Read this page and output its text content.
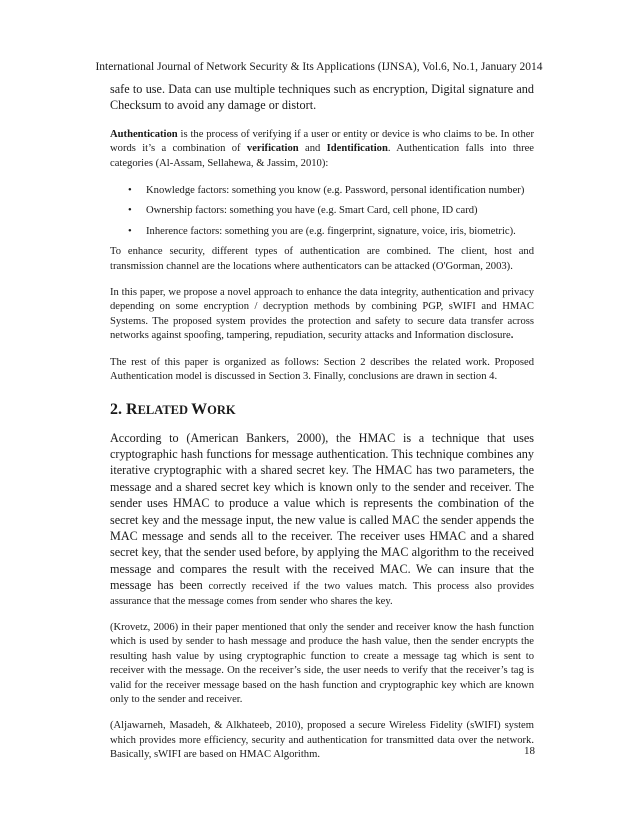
International Journal of Network Security & Its Applications (IJNSA), Vol.6, No.1, January 2014

safe to use. Data can use multiple techniques such as encryption, Digital signature and Checksum to avoid any damage or distort.

Authentication is the process of verifying if a user or entity or device is who claims to be. In other words it’s a combination of verification and Identification. Authentication falls into three categories (Al-Assam, Sellahewa, & Jassim, 2010):

• Knowledge factors: something you know (e.g. Password, personal identification number)
• Ownership factors: something you have (e.g. Smart Card, cell phone, ID card)
• Inherence factors: something you are (e.g. fingerprint, signature, voice, iris, biometric).

To enhance security, different types of authentication are combined. The client, host and transmission channel are the locations where authenticators can be attacked (O'Gorman, 2003).

In this paper, we propose a novel approach to enhance the data integrity, authentication and privacy depending on some encryption / decryption methods by combining PGP, sWIFI and HMAC Systems. The proposed system provides the protection and safety to secure data transfer across networks against spoofing, tampering, repudiation, security attacks and Information disclosure.

The rest of this paper is organized as follows: Section 2 describes the related work. Proposed Authentication model is discussed in Section 3. Finally, conclusions are drawn in section 4.

2. RELATED WORK

According to (American Bankers, 2000), the HMAC is a technique that uses cryptographic hash functions for message authentication. This technique combines any iterative cryptographic with a shared secret key. The HMAC has two parameters, the message and a shared secret key which is known only to the sender and receiver. The sender uses HMAC to produce a value which is represents the combination of the secret key and the message input, the new value is called MAC the sender appends the MAC message and sends all to the receiver. The receiver uses HMAC and a shared secret key, that the sender used before, by applying the MAC algorithm to the received message and compares the result with the received MAC. We can insure that the message has been correctly received if the two values match. This process also provides assurance that the message comes from sender who shares the key.

(Krovetz, 2006) in their paper mentioned that only the sender and receiver know the hash function which is used by sender to hash message and produce the hash value, then the sender encrypts the resulting hash value by using cryptographic function to create a message tag which is sent to receiver with the message. On the receiver’s side, the user needs to verify that the receiver’s tag is valid for the receiver message based on the hash function and cryptographic key which are known only to the sender and receiver.

(Aljawarneh, Masadeh, & Alkhateeb, 2010), proposed a secure Wireless Fidelity (sWIFI) system which provides more efficiency, security and authentication for transmitted data over the network. Basically, sWIFI are based on HMAC Algorithm.	18
